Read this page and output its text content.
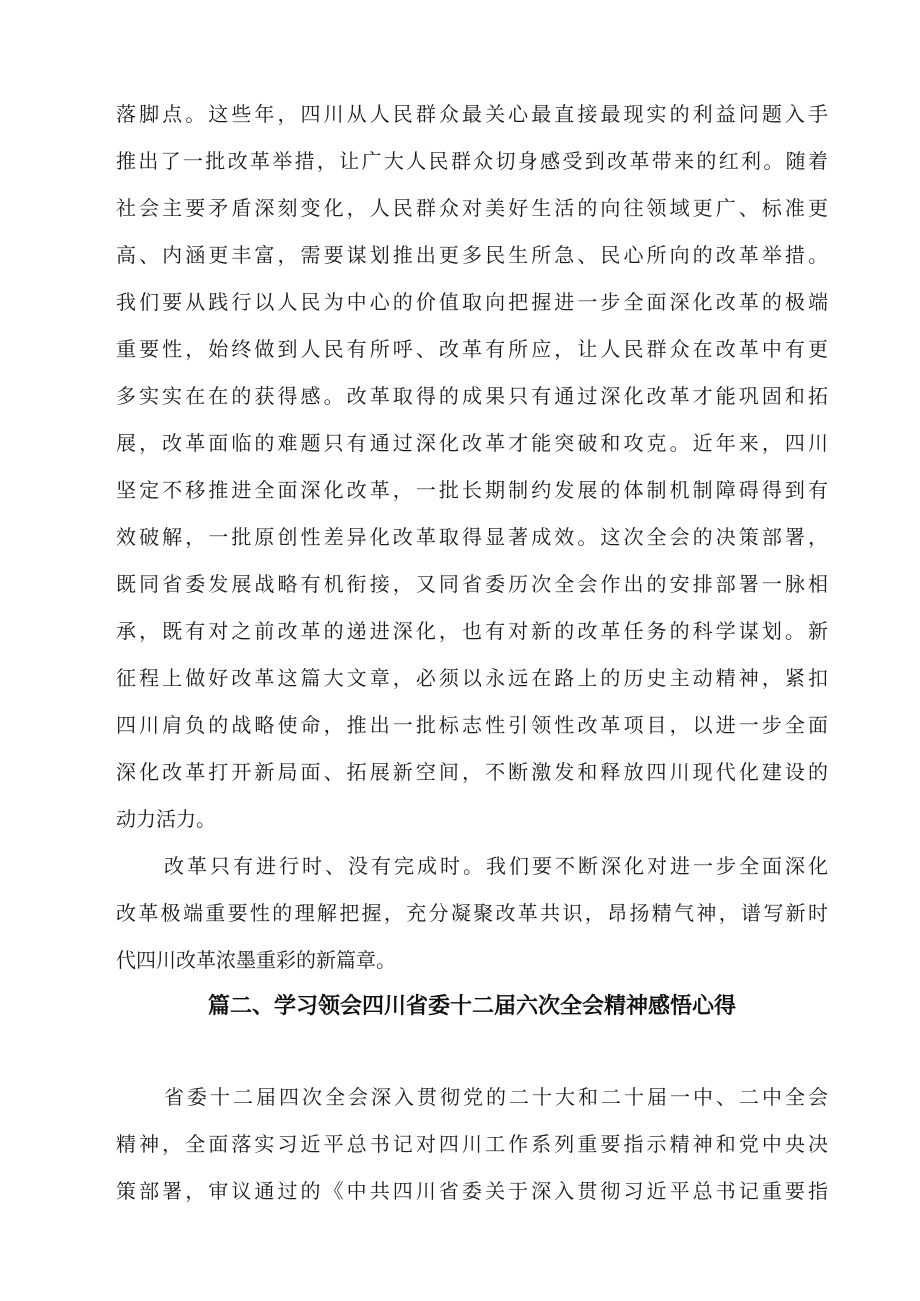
落脚点。这些年，四川从人民群众最关心最直接最现实的利益问题入手
推出了一批改革举措，让广大人民群众切身感受到改革带来的红利。随着
社会主要矛盾深刻变化，人民群众对美好生活的向往领域更广、标准更
高、内涵更丰富，需要谋划推出更多民生所急、民心所向的改革举措。
我们要从践行以人民为中心的价值取向把握进一步全面深化改革的极端
重要性，始终做到人民有所呼、改革有所应，让人民群众在改革中有更
多实实在在的获得感。改革取得的成果只有通过深化改革才能巩固和拓
展，改革面临的难题只有通过深化改革才能突破和攻克。近年来，四川
坚定不移推进全面深化改革，一批长期制约发展的体制机制障碍得到有
效破解，一批原创性差异化改革取得显著成效。这次全会的决策部署，
既同省委发展战略有机衔接，又同省委历次全会作出的安排部署一脉相
承，既有对之前改革的递进深化，也有对新的改革任务的科学谋划。新
征程上做好改革这篇大文章，必须以永远在路上的历史主动精神，紧扣
四川肩负的战略使命，推出一批标志性引领性改革项目，以进一步全面
深化改革打开新局面、拓展新空间，不断激发和释放四川现代化建设的
动力活力。
改革只有进行时、没有完成时。我们要不断深化对进一步全面深化
改革极端重要性的理解把握，充分凝聚改革共识，昂扬精气神，谱写新时
代四川改革浓墨重彩的新篇章。
篇二、学习领会四川省委十二届六次全会精神感悟心得
省委十二届四次全会深入贯彻党的二十大和二十届一中、二中全会
精神，全面落实习近平总书记对四川工作系列重要指示精神和党中央决
策部署，审议通过的《中共四川省委关于深入贯彻习近平总书记重要指
